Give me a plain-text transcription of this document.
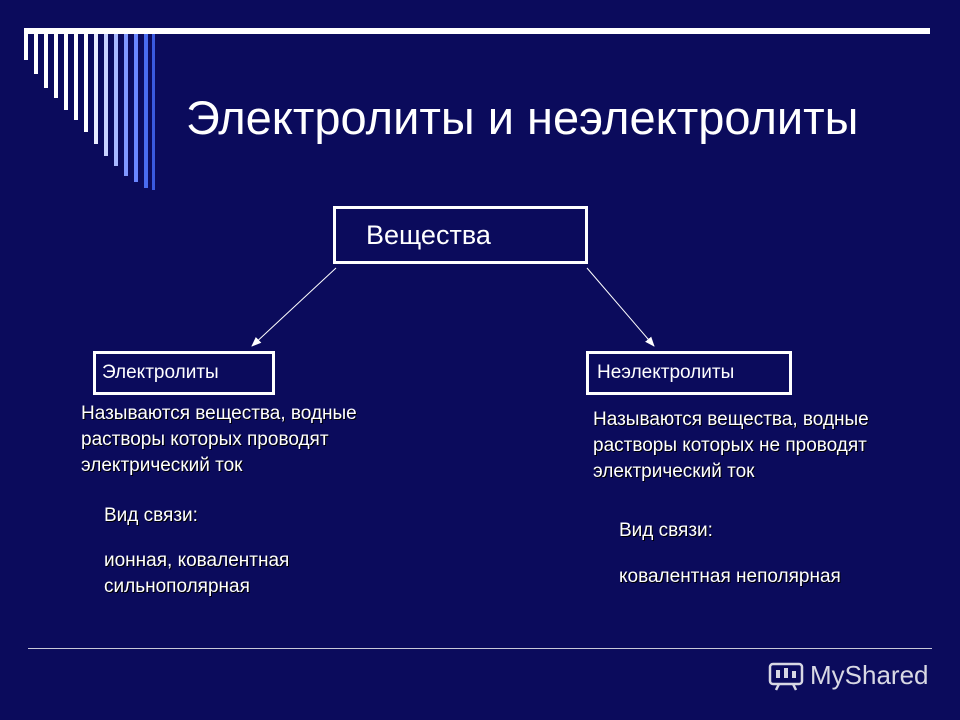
Электролиты и неэлектролиты
Вещества
Электролиты	Неэлектролиты
Называются вещества, водные растворы которых проводят электрический ток
Вид связи:
ионная, ковалентная сильнополярная
Называются вещества, водные растворы которых не проводят электрический ток
Вид связи:
ковалентная неполярная
MyShared
